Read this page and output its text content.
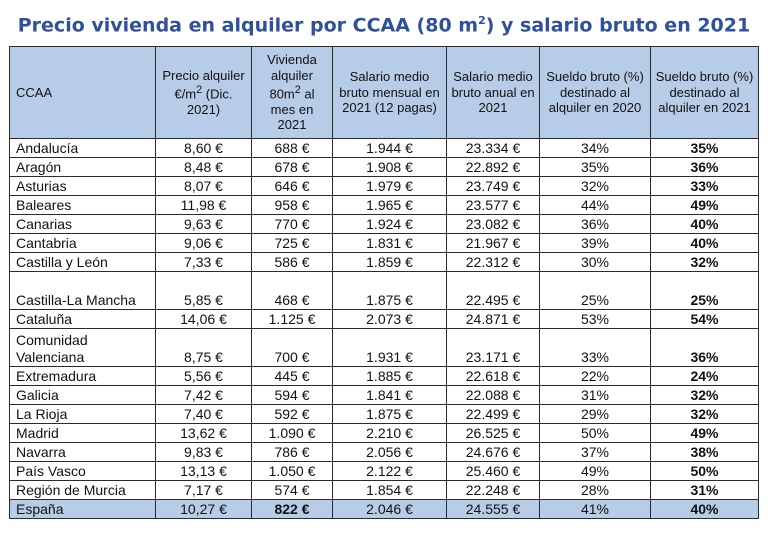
Precio vivienda en alquiler por CCAA (80 $m^2$) y salario bruto en 2021
CCAA	Precio alquiler $€/m^2$ (Dic. 2021)	Vivienda alquiler $80m^2$ al mes en 2021	Salario medio bruto mensual en 2021 (12 pagas)	Salario medio bruto anual en 2021	Sueldo bruto (%) destinado al alquiler en 2020	Sueldo bruto (%) destinado al alquiler en 2021
Andalucía	8,60 €	688 €	1.944 €	23.334 €	34%	35%
Aragón	8,48 €	678 €	1.908 €	22.892 €	35%	36%
Asturias	8,07 €	646 €	1.979 €	23.749 €	32%	33%
Baleares	11,98 €	958 €	1.965 €	23.577 €	44%	49%
Canarias	9,63 €	770 €	1.924 €	23.082 €	36%	40%
Cantabria	9,06 €	725 €	1.831 €	21.967 €	39%	40%
Castilla y León	7,33 €	586 €	1.859 €	22.312 €	30%	32%
Castilla-La Mancha	5,85 €	468 €	1.875 €	22.495 €	25%	25%
Cataluña	14,06 €	1.125 €	2.073 €	24.871 €	53%	54%
Comunidad Valenciana	8,75 €	700 €	1.931 €	23.171 €	33%	36%
Extremadura	5,56 €	445 €	1.885 €	22.618 €	22%	24%
Galicia	7,42 €	594 €	1.841 €	22.088 €	31%	32%
La Rioja	7,40 €	592 €	1.875 €	22.499 €	29%	32%
Madrid	13,62 €	1.090 €	2.210 €	26.525 €	50%	49%
Navarra	9,83 €	786 €	2.056 €	24.676 €	37%	38%
País Vasco	13,13 €	1.050 €	2.122 €	25.460 €	49%	50%
Región de Murcia	7,17 €	574 €	1.854 €	22.248 €	28%	31%
España	10,27 €	822 €	2.046 €	24.555 €	41%	40%
